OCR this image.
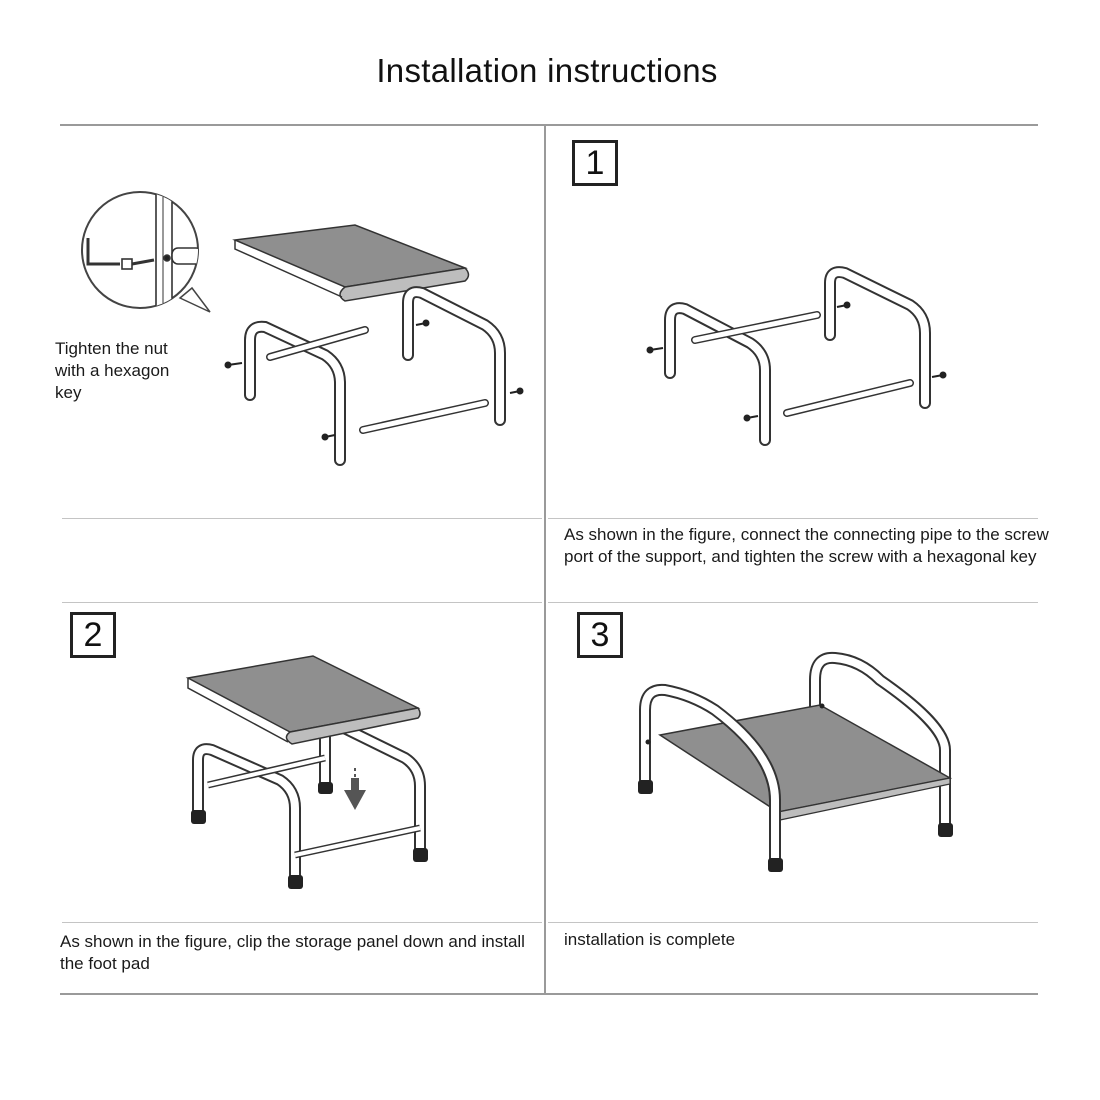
Installation instructions
Tighten the nut
with a hexagon
key
1
As shown in the figure, connect the connecting pipe to the screw port of the support, and tighten the screw with a hexagonal key
2
As shown in the figure, clip the storage panel down and install the foot pad
3
installation is complete
